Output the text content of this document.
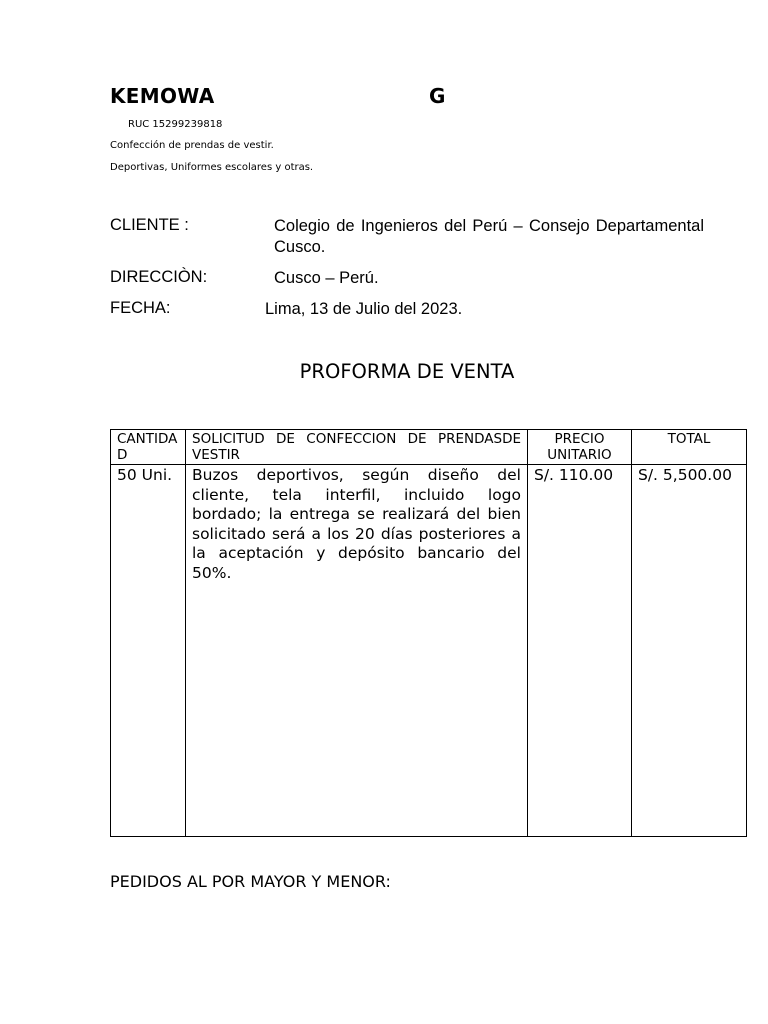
KEMOWA	G
RUC 15299239818
Confección de prendas de vestir.
Deportivas, Uniformes escolares y otras.
CLIENTE :	Colegio de Ingenieros del Perú – Consejo Departamental Cusco.
DIRECCIÒN:	Cusco – Perú.
FECHA:	Lima, 13 de Julio del 2023.
PROFORMA DE VENTA
CANTIDAD	SOLICITUD DE CONFECCION DE PRENDASDE VESTIR	PRECIO UNITARIO	TOTAL
50 Uni.	Buzos deportivos, según diseño del cliente, tela interfil, incluido logo bordado; la entrega se realizará del bien solicitado será a los 20 días posteriores a la aceptación y depósito bancario del 50%.	S/. 110.00	S/. 5,500.00
PEDIDOS AL POR MAYOR Y MENOR:
